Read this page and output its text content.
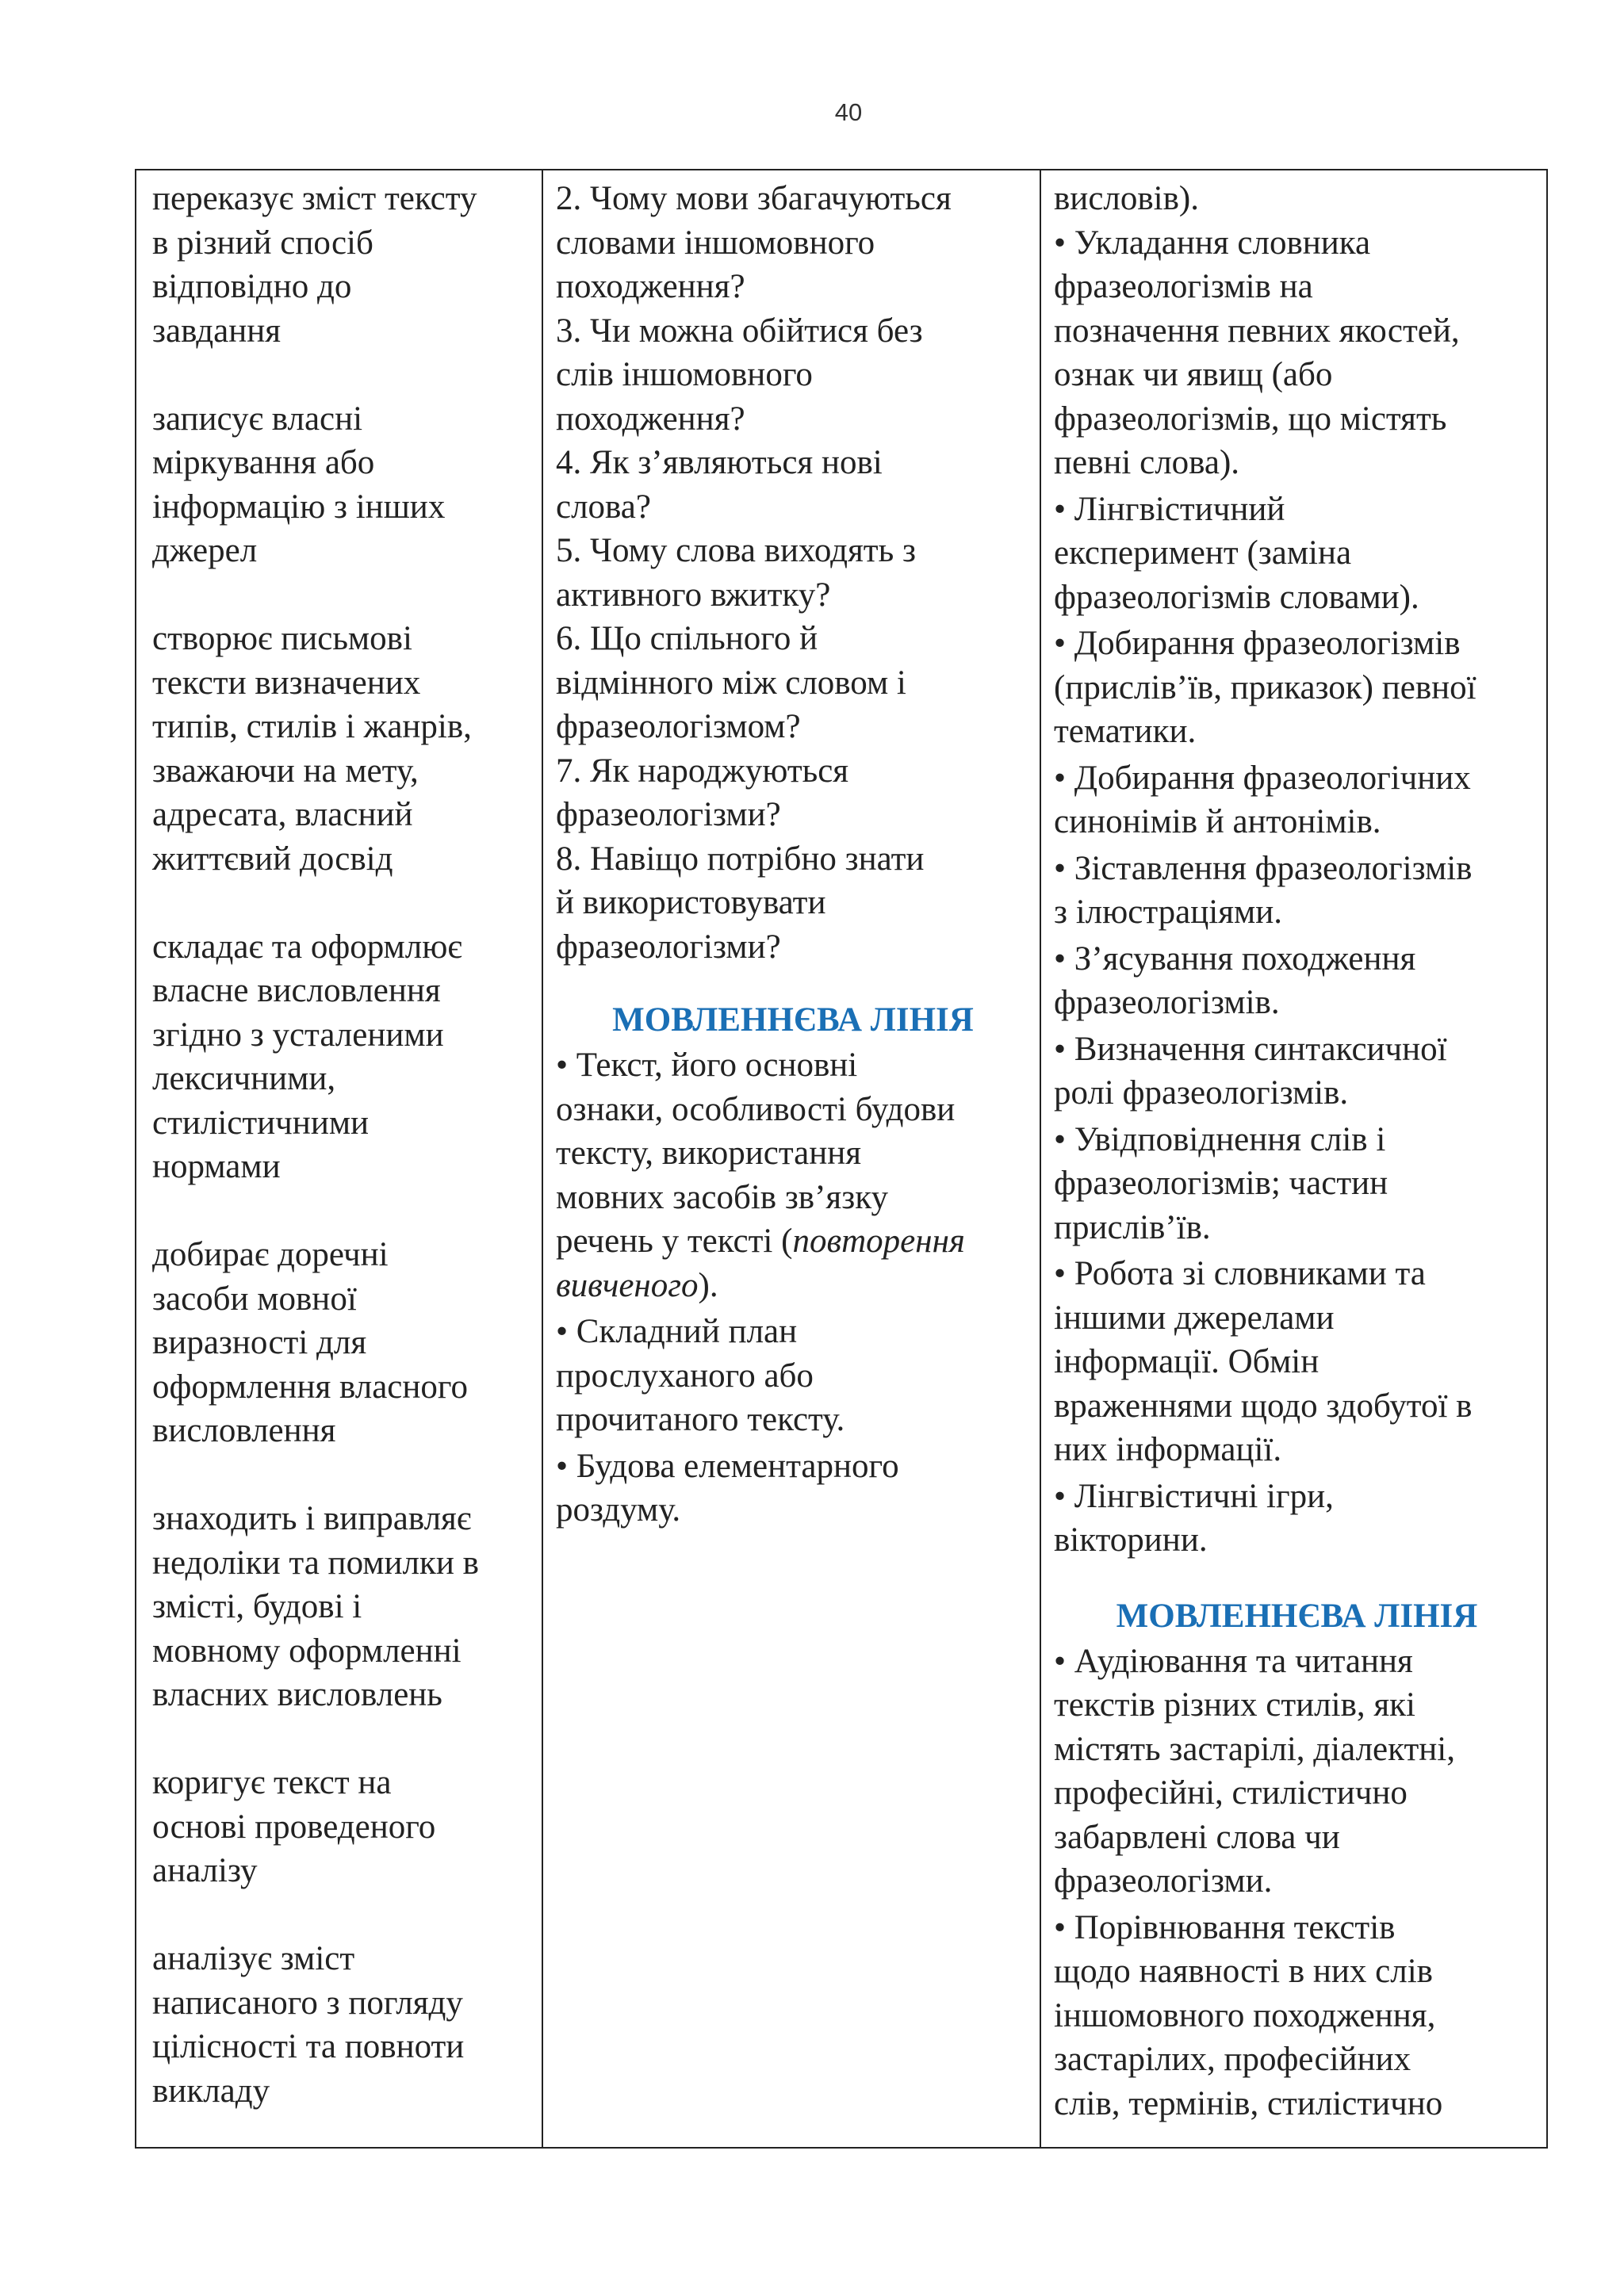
40
переказує зміст тексту
в різний спосіб
відповідно до
завдання
записує власні
міркування або
інформацію з інших
джерел
створює письмові
тексти визначених
типів, стилів і жанрів,
зважаючи на мету,
адресата, власний
життєвий досвід
складає та оформлює
власне висловлення
згідно з усталеними
лексичними,
стилістичними
нормами
добирає доречні
засоби мовної
виразності для
оформлення власного
висловлення
знаходить і виправляє
недоліки та помилки в
змісті, будові і
мовному оформленні
власних висловлень
коригує текст на
основі проведеного
аналізу
аналізує зміст
написаного з погляду
цілісності та повноти
викладу
2. Чому мови збагачуються
словами іншомовного
походження?
3. Чи можна обійтися без
слів іншомовного
походження?
4. Як з’являються нові
слова?
5. Чому слова виходять з
активного вжитку?
6. Що спільного й
відмінного між словом і
фразеологізмом?
7. Як народжуються
фразеологізми?
8. Навіщо потрібно знати
й використовувати
фразеологізми?
МОВЛЕННЄВА ЛІНІЯ
• Текст, його основні
ознаки, особливості будови
тексту, використання
мовних засобів зв’язку
речень у тексті (повторення
вивченого).
• Складний план
прослуханого або
прочитаного тексту.
• Будова елементарного
роздуму.
висловів).
• Укладання словника
фразеологізмів на
позначення певних якостей,
ознак чи явищ (або
фразеологізмів, що містять
певні слова).
• Лінгвістичний
експеримент (заміна
фразеологізмів словами).
• Добирання фразеологізмів
(прислів’їв, приказок) певної
тематики.
• Добирання фразеологічних
синонімів й антонімів.
• Зіставлення фразеологізмів
з ілюстраціями.
• З’ясування походження
фразеологізмів.
• Визначення синтаксичної
ролі фразеологізмів.
• Увідповіднення слів і
фразеологізмів; частин
прислів’їв.
• Робота зі словниками та
іншими джерелами
інформації. Обмін
враженнями щодо здобутої в
них інформації.
• Лінгвістичні ігри,
вікторини.
МОВЛЕННЄВА ЛІНІЯ
• Аудіювання та читання
текстів різних стилів, які
містять застарілі, діалектні,
професійні, стилістично
забарвлені слова чи
фразеологізми.
• Порівнювання текстів
щодо наявності в них слів
іншомовного походження,
застарілих, професійних
слів, термінів, стилістично
